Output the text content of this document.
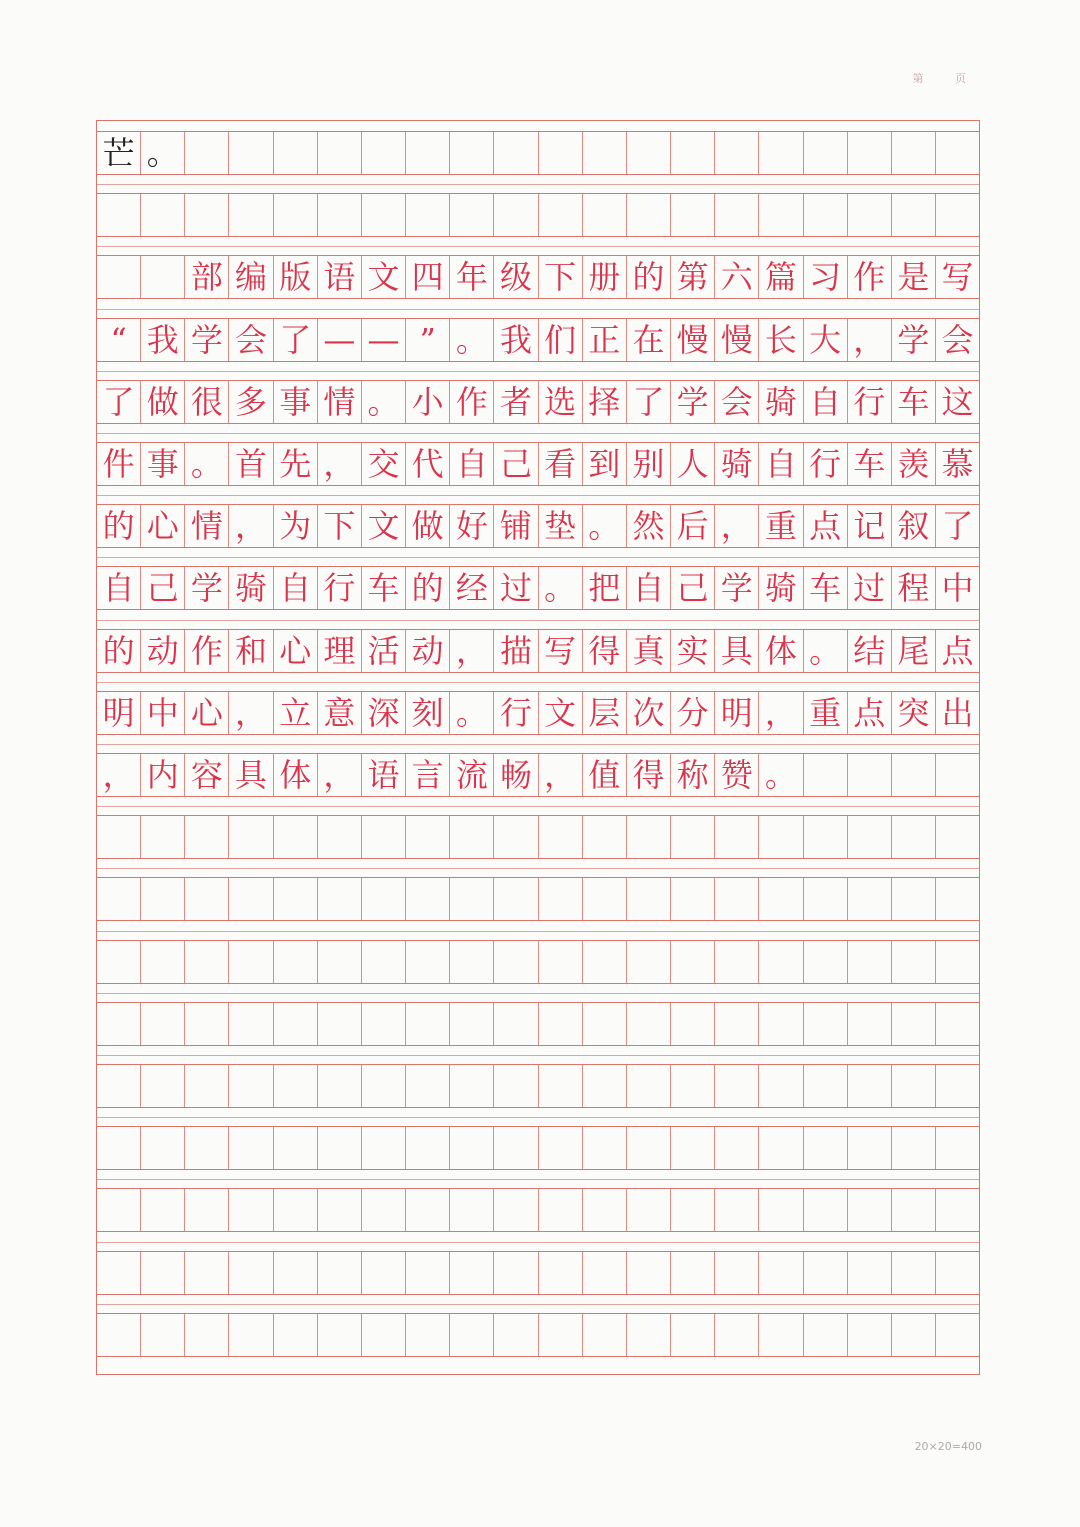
第 页
芒 。
部 编 版 语 文 四 年 级 下 册 的 第 六 篇 习 作 是 写
“ 我 学 会 了 — — ” 。 我 们 正 在 慢 慢 长 大 ， 学 会
了 做 很 多 事 情 。 小 作 者 选 择 了 学 会 骑 自 行 车 这
件 事 。 首 先 ， 交 代 自 己 看 到 别 人 骑 自 行 车 羡 慕
的 心 情 ， 为 下 文 做 好 铺 垫 。 然 后 ， 重 点 记 叙 了
自 己 学 骑 自 行 车 的 经 过 。 把 自 己 学 骑 车 过 程 中
的 动 作 和 心 理 活 动 ， 描 写 得 真 实 具 体 。 结 尾 点
明 中 心 ， 立 意 深 刻 。 行 文 层 次 分 明 ， 重 点 突 出
， 内 容 具 体 ， 语 言 流 畅 ， 值 得 称 赞 。
20×20=400
